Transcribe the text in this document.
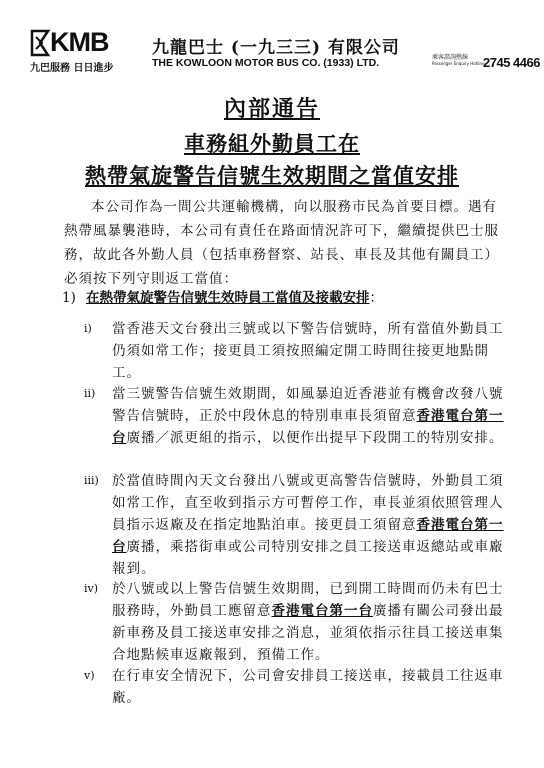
KMB
九巴服務 日日進步
九龍巴士 (一九三三) 有限公司
THE KOWLOON MOTOR BUS CO. (1933) LTD.	乘客諮詢熱線
Passenger Enquiry Hotline
2745 4466
內部通告
車務組外勤員工在
熱帶氣旋警告信號生效期間之當值安排
本公司作為一間公共運輸機構，向以服務市民為首要目標。遇有熱帶風暴襲港時，本公司有責任在路面情況許可下，繼續提供巴士服務，故此各外勤人員（包括車務督察、站長、車長及其他有關員工）必須按下列守則返工當值：
1) 在熱帶氣旋警告信號生效時員工當值及接載安排：
i)	當香港天文台發出三號或以下警告信號時，所有當值外勤員工仍須如常工作；接更員工須按照編定開工時間往接更地點開工。
ii)	當三號警告信號生效期間，如風暴迫近香港並有機會改發八號警告信號時，正於中段休息的特別車車長須留意香港電台第一台廣播／派更組的指示，以便作出提早下段開工的特別安排。
iii) 於當值時間內天文台發出八號或更高警告信號時，外勤員工須如常工作，直至收到指示方可暫停工作，車長並須依照管理人員指示返廠及在指定地點泊車。接更員工須留意香港電台第一台廣播，乘搭街車或公司特別安排之員工接送車返總站或車廠報到。
iv)	於八號或以上警告信號生效期間，已到開工時間而仍未有巴士服務時，外勤員工應留意香港電台第一台廣播有關公司發出最新車務及員工接送車安排之消息，並須依指示往員工接送車集合地點候車返廠報到，預備工作。
v)	在行車安全情況下，公司會安排員工接送車，接載員工往返車廠。
